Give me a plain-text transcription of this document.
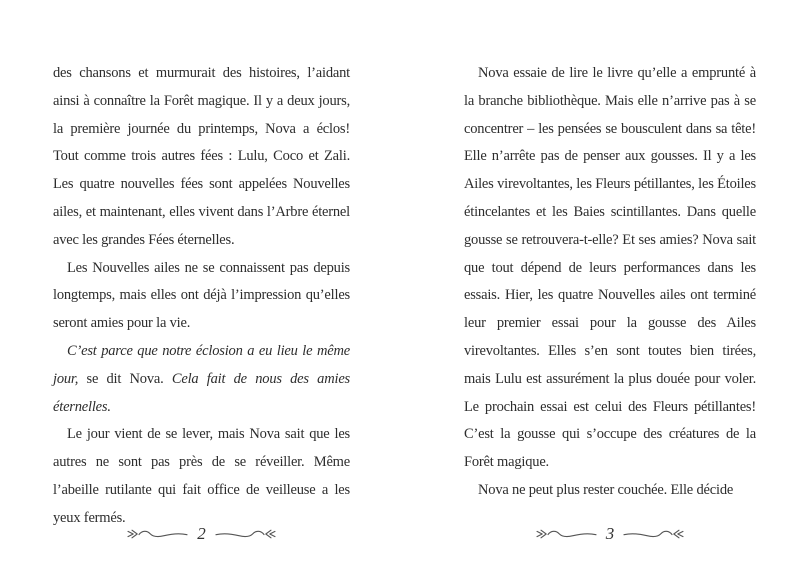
des chansons et murmurait des histoires, l’aidant ainsi à connaître la Forêt magique. Il y a deux jours, la première journée du printemps, Nova a éclos! Tout comme trois autres fées : Lulu, Coco et Zali. Les quatre nouvelles fées sont appelées Nouvelles ailes, et maintenant, elles vivent dans l’Arbre éternel avec les grandes Fées éternelles.

Les Nouvelles ailes ne se connaissent pas depuis longtemps, mais elles ont déjà l’impression qu’elles seront amies pour la vie.

C’est parce que notre éclosion a eu lieu le même jour, se dit Nova. Cela fait de nous des amies éternelles.

Le jour vient de se lever, mais Nova sait que les autres ne sont pas près de se réveiller. Même l’abeille rutilante qui fait office de veilleuse a les yeux fermés.

Nova essaie de lire le livre qu’elle a emprunté à la branche bibliothèque. Mais elle n’arrive pas à se concentrer – les pensées se bousculent dans sa tête! Elle n’arrête pas de penser aux gousses. Il y a les Ailes virevoltantes, les Fleurs pétillantes, les Étoiles étincelantes et les Baies scintillantes. Dans quelle gousse se retrouvera-t-elle? Et ses amies? Nova sait que tout dépend de leurs performances dans les essais. Hier, les quatre Nouvelles ailes ont terminé leur premier essai pour la gousse des Ailes virevoltantes. Elles s’en sont toutes bien tirées, mais Lulu est assurément la plus douée pour voler. Le prochain essai est celui des Fleurs pétillantes! C’est la gousse qui s’occupe des créatures de la Forêt magique.

Nova ne peut plus rester couchée. Elle décide

2	3
